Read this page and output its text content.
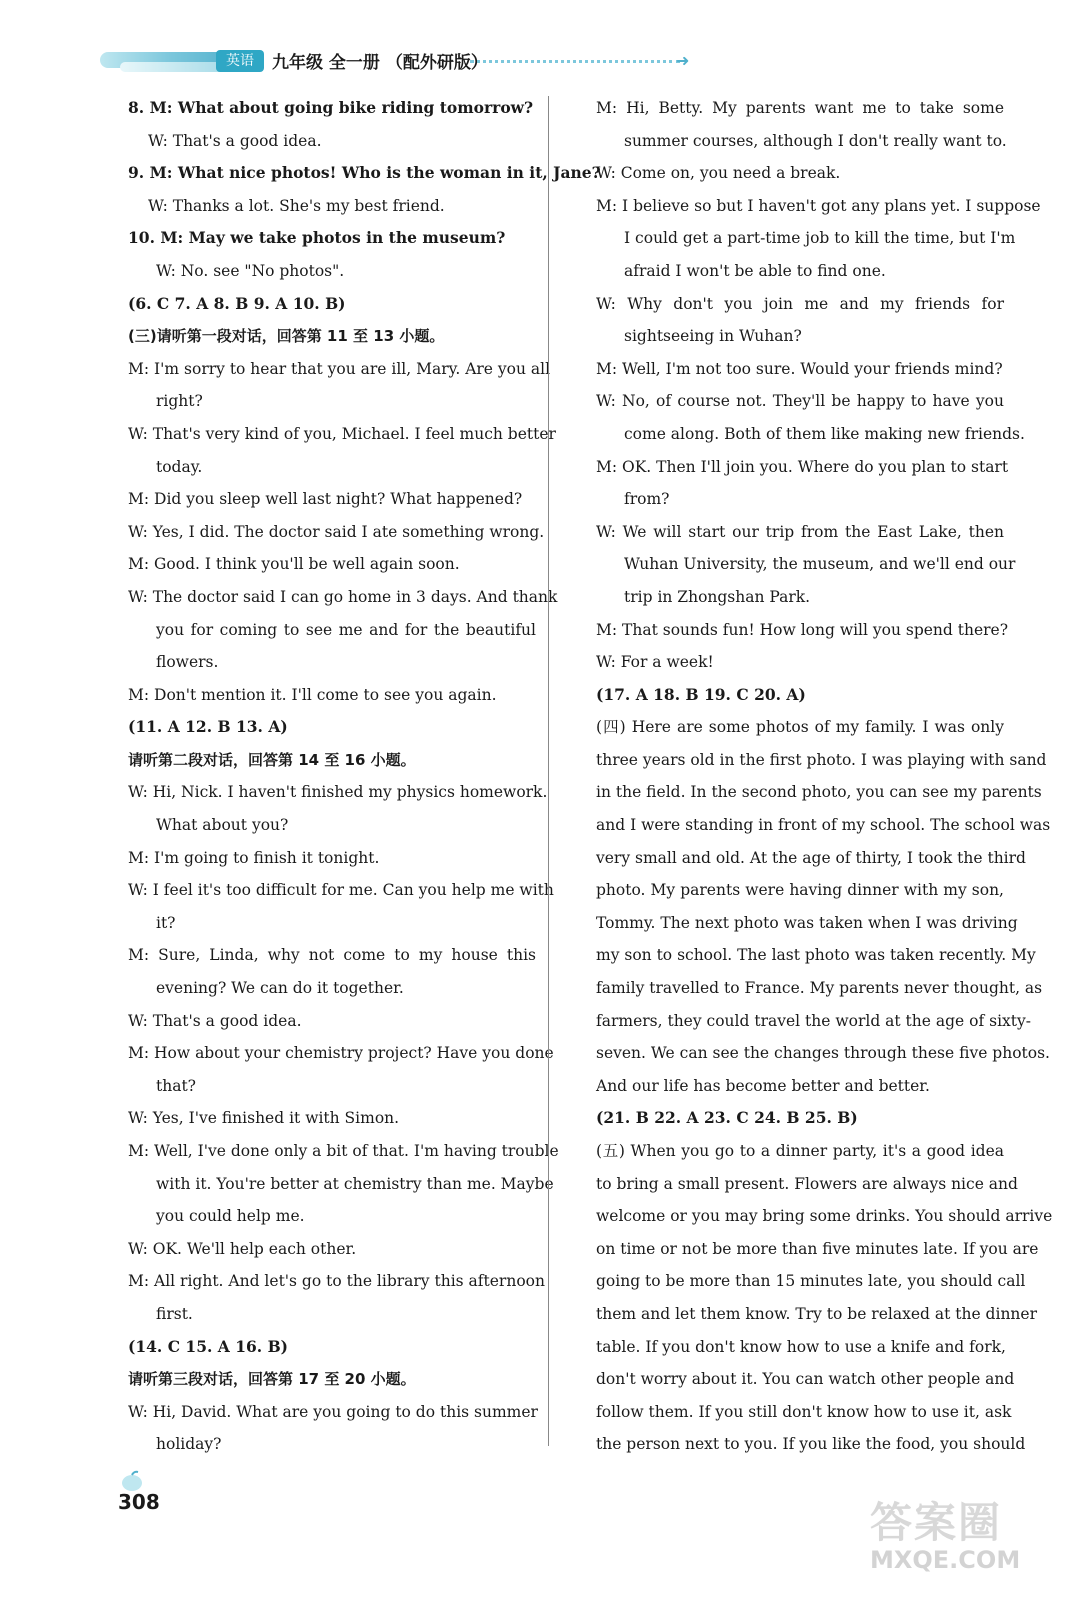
英语	九年级 全一册 （配外研版）	➜
8. M: What about going bike riding tomorrow?
W: That's a good idea.
9. M: What nice photos! Who is the woman in it, Jane?
W: Thanks a lot. She's my best friend.
10. M: May we take photos in the museum?
W: No. see "No photos".
(6. C 7. A 8. B 9. A 10. B)
(三)请听第一段对话，回答第 11 至 13 小题。
M: I'm sorry to hear that you are ill, Mary. Are you all
right?
W: That's very kind of you, Michael. I feel much better
today.
M: Did you sleep well last night? What happened?
W: Yes, I did. The doctor said I ate something wrong.
M: Good. I think you'll be well again soon.
W: The doctor said I can go home in 3 days. And thank
you for coming to see me and for the beautiful
flowers.
M: Don't mention it. I'll come to see you again.
(11. A 12. B 13. A)
请听第二段对话，回答第 14 至 16 小题。
W: Hi, Nick. I haven't finished my physics homework.
What about you?
M: I'm going to finish it tonight.
W: I feel it's too difficult for me. Can you help me with
it?
M: Sure, Linda, why not come to my house this
evening? We can do it together.
W: That's a good idea.
M: How about your chemistry project? Have you done
that?
W: Yes, I've finished it with Simon.
M: Well, I've done only a bit of that. I'm having trouble
with it. You're better at chemistry than me. Maybe
you could help me.
W: OK. We'll help each other.
M: All right. And let's go to the library this afternoon
first.
(14. C 15. A 16. B)
请听第三段对话，回答第 17 至 20 小题。
W: Hi, David. What are you going to do this summer
holiday?
M: Hi, Betty. My parents want me to take some
summer courses, although I don't really want to.
W: Come on, you need a break.
M: I believe so but I haven't got any plans yet. I suppose
I could get a part-time job to kill the time, but I'm
afraid I won't be able to find one.
W: Why don't you join me and my friends for
sightseeing in Wuhan?
M: Well, I'm not too sure. Would your friends mind?
W: No, of course not. They'll be happy to have you
come along. Both of them like making new friends.
M: OK. Then I'll join you. Where do you plan to start
from?
W: We will start our trip from the East Lake, then
Wuhan University, the museum, and we'll end our
trip in Zhongshan Park.
M: That sounds fun! How long will you spend there?
W: For a week!
(17. A 18. B 19. C 20. A)
(四) Here are some photos of my family. I was only
three years old in the first photo. I was playing with sand
in the field. In the second photo, you can see my parents
and I were standing in front of my school. The school was
very small and old. At the age of thirty, I took the third
photo. My parents were having dinner with my son,
Tommy. The next photo was taken when I was driving
my son to school. The last photo was taken recently. My
family travelled to France. My parents never thought, as
farmers, they could travel the world at the age of sixty-
seven. We can see the changes through these five photos.
And our life has become better and better.
(21. B 22. A 23. C 24. B 25. B)
(五) When you go to a dinner party, it's a good idea
to bring a small present. Flowers are always nice and
welcome or you may bring some drinks. You should arrive
on time or not be more than five minutes late. If you are
going to be more than 15 minutes late, you should call
them and let them know. Try to be relaxed at the dinner
table. If you don't know how to use a knife and fork,
don't worry about it. You can watch other people and
follow them. If you still don't know how to use it, ask
the person next to you. If you like the food, you should
308	答案圈
MXQE.COM
